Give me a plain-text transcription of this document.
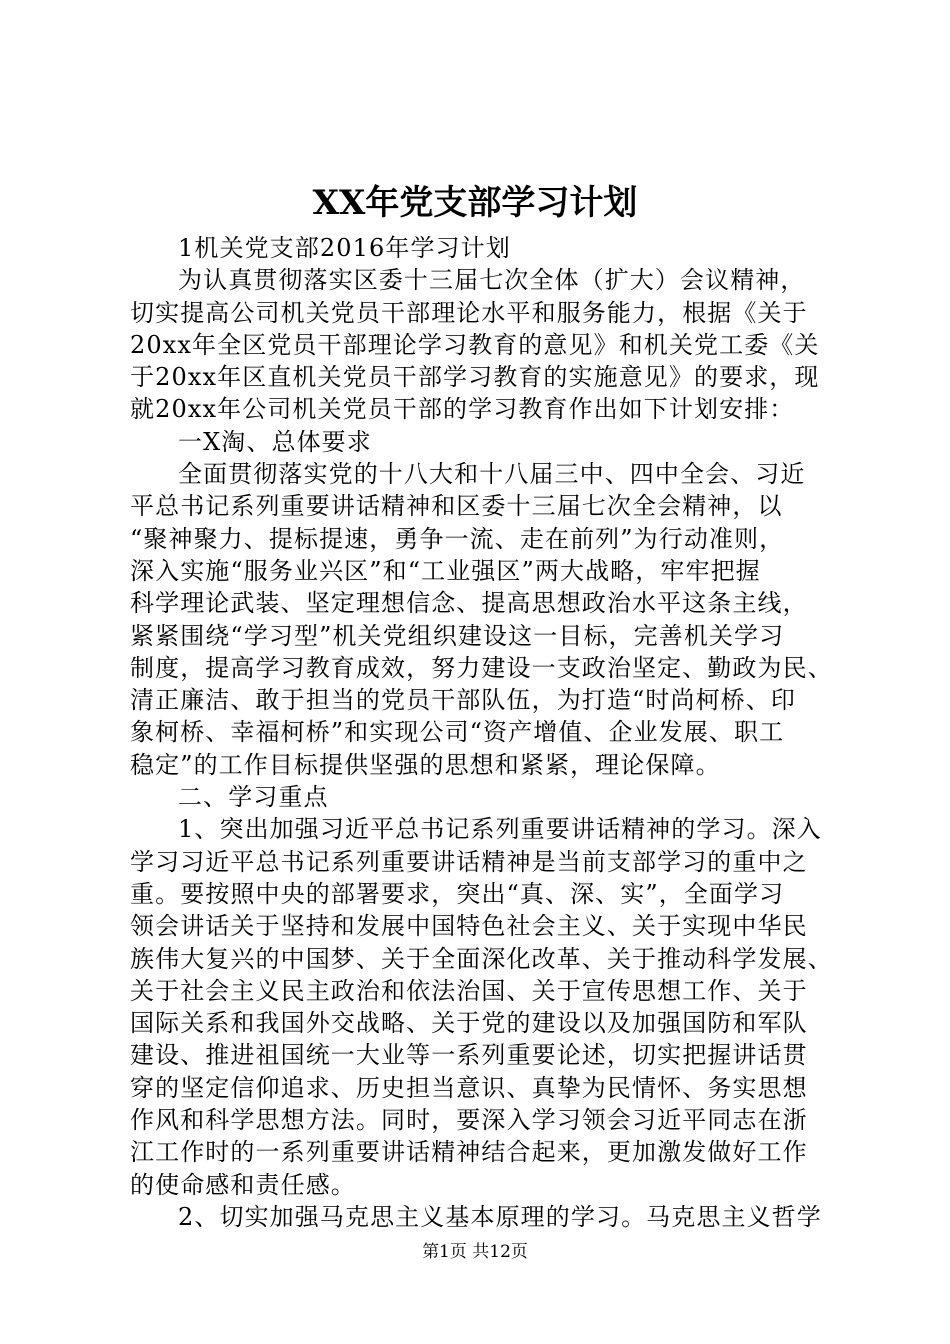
XX年党支部学习计划
1机关党支部2016年学习计划
为认真贯彻落实区委十三届七次全体（扩大）会议精神，
切实提高公司机关党员干部理论水平和服务能力，根据《关于
20xx年全区党员干部理论学习教育的意见》和机关党工委《关
于20xx年区直机关党员干部学习教育的实施意见》的要求，现
就20xx年公司机关党员干部的学习教育作出如下计划安排：
一X淘、总体要求
全面贯彻落实党的十八大和十八届三中、四中全会、习近
平总书记系列重要讲话精神和区委十三届七次全会精神，以
“聚神聚力、提标提速，勇争一流、走在前列”为行动准则，
深入实施“服务业兴区”和“工业强区”两大战略，牢牢把握
科学理论武装、坚定理想信念、提高思想政治水平这条主线，
紧紧围绕“学习型”机关党组织建设这一目标，完善机关学习
制度，提高学习教育成效，努力建设一支政治坚定、勤政为民、
清正廉洁、敢于担当的党员干部队伍，为打造“时尚柯桥、印
象柯桥、幸福柯桥”和实现公司“资产增值、企业发展、职工
稳定”的工作目标提供坚强的思想和紧紧，理论保障。
二、学习重点
1、突出加强习近平总书记系列重要讲话精神的学习。深入
学习习近平总书记系列重要讲话精神是当前支部学习的重中之
重。要按照中央的部署要求，突出“真、深、实”，全面学习
领会讲话关于坚持和发展中国特色社会主义、关于实现中华民
族伟大复兴的中国梦、关于全面深化改革、关于推动科学发展、
关于社会主义民主政治和依法治国、关于宣传思想工作、关于
国际关系和我国外交战略、关于党的建设以及加强国防和军队
建设、推进祖国统一大业等一系列重要论述，切实把握讲话贯
穿的坚定信仰追求、历史担当意识、真挚为民情怀、务实思想
作风和科学思想方法。同时，要深入学习领会习近平同志在浙
江工作时的一系列重要讲话精神结合起来，更加激发做好工作
的使命感和责任感。
2、切实加强马克思主义基本原理的学习。马克思主义哲学
第1页 共12页
